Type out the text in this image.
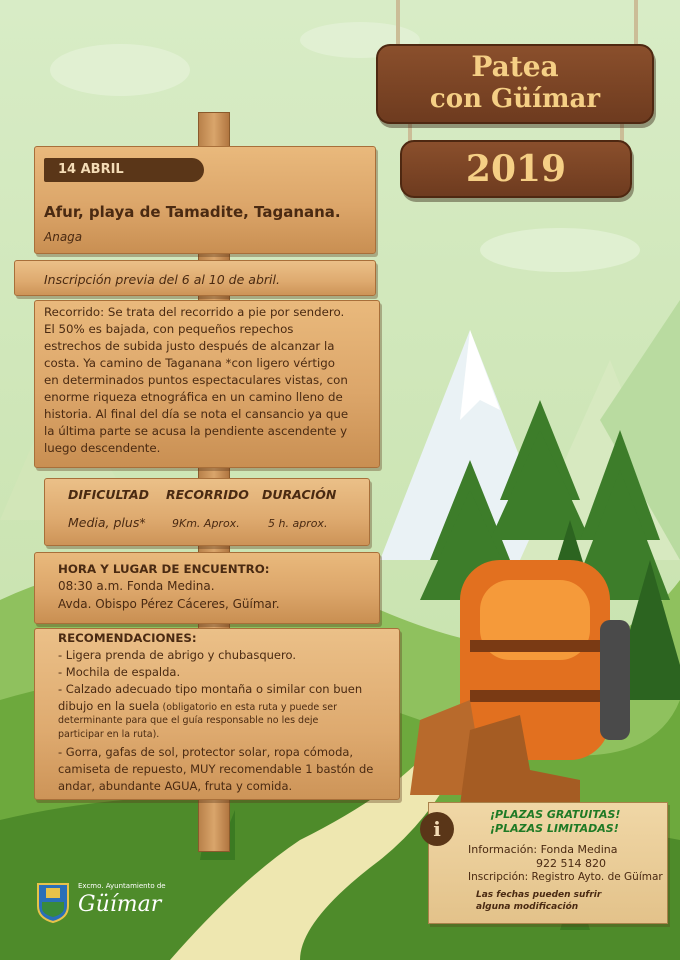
Patea
con Güímar
2019
14 ABRIL
Afur, playa de Tamadite, Taganana.
Anaga
Inscripción previa del 6 al 10 de abril.
Recorrido: Se trata del recorrido a pie por sendero.
El 50% es bajada, con pequeños repechos
estrechos de subida justo después de alcanzar la
costa. Ya camino de Taganana *con ligero vértigo
en determinados puntos espectaculares vistas, con
enorme riqueza etnográfica en un camino lleno de
historia. Al final del día se nota el cansancio ya que
la última parte se acusa la pendiente ascendente y
luego descendente.
DIFICULTAD RECORRIDO DURACIÓN
Media, plus* 9Km. Aprox.	5 h. aprox.
HORA Y LUGAR DE ENCUENTRO:
08:30 a.m. Fonda Medina.
Avda. Obispo Pérez Cáceres, Güímar.
RECOMENDACIONES:
- Ligera prenda de abrigo y chubasquero.
- Mochila de espalda.
- Calzado adecuado tipo montaña o similar con buen
dibujo en la suela (obligatorio en esta ruta y puede ser
determinante para que el guía responsable no les deje
participar en la ruta).
- Gorra, gafas de sol, protector solar, ropa cómoda,
camiseta de repuesto, MUY recomendable 1 bastón de
andar, abundante AGUA, fruta y comida.
i
¡PLAZAS GRATUITAS!
¡PLAZAS LIMITADAS!
Información: Fonda Medina
922 514 820
Inscripción: Registro Ayto. de Güímar
Las fechas pueden sufrir
alguna modificación
Excmo. Ayuntamiento de
Güímar
